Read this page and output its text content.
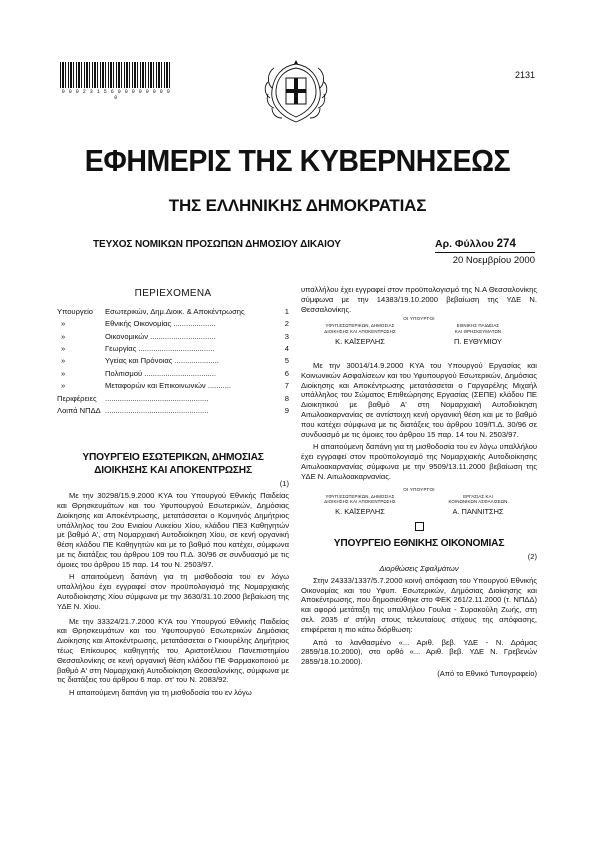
0 0 0 2 3 1 5 6 0 0 0 0 0 0 0 0 0
2131
ΕΦΗΜΕΡΙΣ ΤΗΣ ΚΥΒΕΡΝΗΣΕΩΣ
ΤΗΣ ΕΛΛΗΝΙΚΗΣ ΔΗΜΟΚΡΑΤΙΑΣ
ΤΕΥΧΟΣ ΝΟΜΙΚΩΝ ΠΡΟΣΩΠΩΝ ΔΗΜΟΣΙΟΥ ΔΙΚΑΙΟΥ	Αρ. Φύλλου 274
20 Νοεμβρίου 2000
ΠΕΡΙΕΧΟΜΕΝΑ
Υπουργείο	Εσωτερικών, Δημ.Διοικ. & Αποκέντρωσης	1
»	Εθνικής Οικονομίας ....................	2
»	Οικονομικών ...............................	3
»	Γεωργίας ....................................	4
»	Υγείας και Πρόνοιας .....................	5
»	Πολιτισμού ..................................	6
»	Μεταφορών και Επικοινωνιών ...........	7
Περιφέρειες	.................................................	8
Λοιπά ΝΠΔΔ .................................................	9
ΥΠΟΥΡΓΕΙΟ ΕΣΩΤΕΡΙΚΩΝ, ΔΗΜΟΣΙΑΣ
ΔΙΟΙΚΗΣΗΣ ΚΑΙ ΑΠΟΚΕΝΤΡΩΣΗΣ
(1)

Με την 30298/15.9.2000 ΚΥΑ του Υπουργού Εθνικής Παιδείας και Θρησκευμάτων και του Υφυπουργού Εσωτερικών, Δημόσιας Διοίκησης και Αποκέντρωσης, μετατάσσεται ο Κομνηνός Δημήτριος υπάλληλος του 2ου Ενιαίου Λυκείου Χίου, κλάδου ΠΕ3 Καθηγητών με βαθμό Α', στη Νομαρχιακή Αυτοδιοίκηση Χίου, σε κενή οργανική θέση κλάδου ΠΕ Καθηγητών και με το βαθμό που κατέχει, σύμφωνα με τις διατάξεις του άρθρου 109 του Π.Δ. 30/96 σε συνδυασμό με τις όμοιες του άρθρου 15 παρ. 14 του Ν. 2503/97.

Η απαιτούμενη δαπάνη για τη μισθοδοσία του εν λόγω υπαλλήλου έχει εγγραφεί στον προϋπολογισμό της Νομαρχιακής Αυτοδιοίκησης Χίου σύμφωνα με την 3630/31.10.2000 βεβαίωση της ΥΔΕ Ν. Χίου.

Με την 33324/21.7.2000 ΚΥΑ του Υπουργού Εθνικής Παιδείας και Θρησκευμάτων και του Υφυπουργού Εσωτερικών Δημόσιας Διοίκησης και Αποκέντρωσης, μετατάσσεται ο Γκιουρέλης Δημήτριος τέως Επίκουρος καθηγητής του Αριστοτέλειου Πανεπιστημίου Θεσσαλονίκης σε κενή οργανική θέση κλάδου ΠΕ Φαρμακοποιού με βαθμό Α' στη Νομαρχιακή Αυτοδιοίκηση Θεσσαλονίκης, σύμφωνα με τις διατάξεις του άρθρου 6 παρ. στ' του Ν. 2083/92.

Η απαιτούμενη δαπάνη για τη μισθοδοσία του εν λόγω

υπαλλήλου έχει εγγραφεί στον προϋπολογισμό της Ν.Α Θεσσαλονίκης σύμφωνα με την 14383/19.10.2000 βεβαίωση της ΥΔΕ Ν. Θεσσαλονίκης.

ΟΙ ΥΠΟΥΡΓΟΙ
ΥΦΥΠ.ΕΣΩΤΕΡΙΚΩΝ, ΔΗΜΟΣΙΑΣ
ΔΙΟΙΚΗΣΗΣ ΚΑΙ ΑΠΟΚΕΝΤΡΩΣΗΣ
Κ. ΚΑΪΣΕΡΛΗΣ
ΕΘΝΙΚΗΣ ΠΑΙΔΕΙΑΣ
ΚΑΙ ΘΡΗΣΚΕΥΜΑΤΩΝ
Π. ΕΥΘΥΜΙΟΥ

Με την 30014/14.9.2000 ΚΥΑ του Υπουργού Εργασίας και Κοινωνικών Ασφαλίσεων και του Υφυπουργού Εσωτερικών, Δημόσιας Διοίκησης και Αποκέντρωσης μετατάσσεται ο Γαργαρέλης Μιχαήλ υπάλληλος του Σώματος Επιθεώρησης Εργασίας (ΣΕΠΕ) κλάδου ΠΕ Διοικητικού με βαθμό Α' στη Νομαρχιακή Αυτοδιοίκηση Αιτωλοακαρνανίας σε αντίστοιχη κενή οργανική θέση και με το βαθμό που κατέχει σύμφωνα με τις διατάξεις του άρθρου 109/Π.Δ. 30/96 σε συνδυασμό με τις όμοιες του άρθρου 15 παρ. 14 του Ν. 2503/97.

Η απαιτούμενη δαπάνη για τη μισθοδοσία του εν λόγω υπαλλήλου έχει εγγραφεί στον προϋπολογισμό της Νομαρχιακής Αυτοδιοίκησης Αιτωλοακαρνανίας σύμφωνα με την 9509/13.11.2000 βεβαίωση της ΥΔΕ Ν. Αιτωλοακαρνανίας.

ΟΙ ΥΠΟΥΡΓΟΙ
ΥΦΥΠ.ΕΣΩΤΕΡΙΚΩΝ, ΔΗΜΟΣΙΑΣ
ΔΙΟΙΚΗΣΗΣ ΚΑΙ ΑΠΟΚΕΝΤΡΩΣΗΣ
Κ. ΚΑΪΣΕΡΛΗΣ
ΕΡΓΑΣΙΑΣ ΚΑΙ
ΚΟΙΝΩΝΙΚΩΝ ΑΣΦΑΛΙΣΕΩΝ
Α. ΠΑΝΝΙΤΣΗΣ
ΥΠΟΥΡΓΕΙΟ ΕΘΝΙΚΗΣ ΟΙΚΟΝΟΜΙΑΣ
(2)
Διορθώσεις Σφαλμάτων

Στην 24333/1337/5.7.2000 κοινή απόφαση του Υπουργού Εθνικής Οικονομίας και του Υφυπ. Εσωτερικών, Δημόσιας Διοίκησης και Αποκέντρωσης, που δημοσιεύθηκε στο ΦΕΚ 261/2.11.2000 (τ. ΝΠΔΔ) και αφορά μετάταξη της υπαλλήλου Γουλια - Συρακούλη Ζωής, στη σελ. 2035 α' στήλη στους τελευταίους στίχους της απόφασης, επιφέρεται η πιο κάτω διόρθωση:

Από το λανθασμένο «... Αριθ. βεβ. ΥΔΕ - Ν. Δράμας 2859/18.10.2000), στο ορθό «... Αριθ. βεβ. ΥΔΕ Ν. Γρεβενών 2859/18.10.2000).

(Από το Εθνικό Τυπογραφείο)
